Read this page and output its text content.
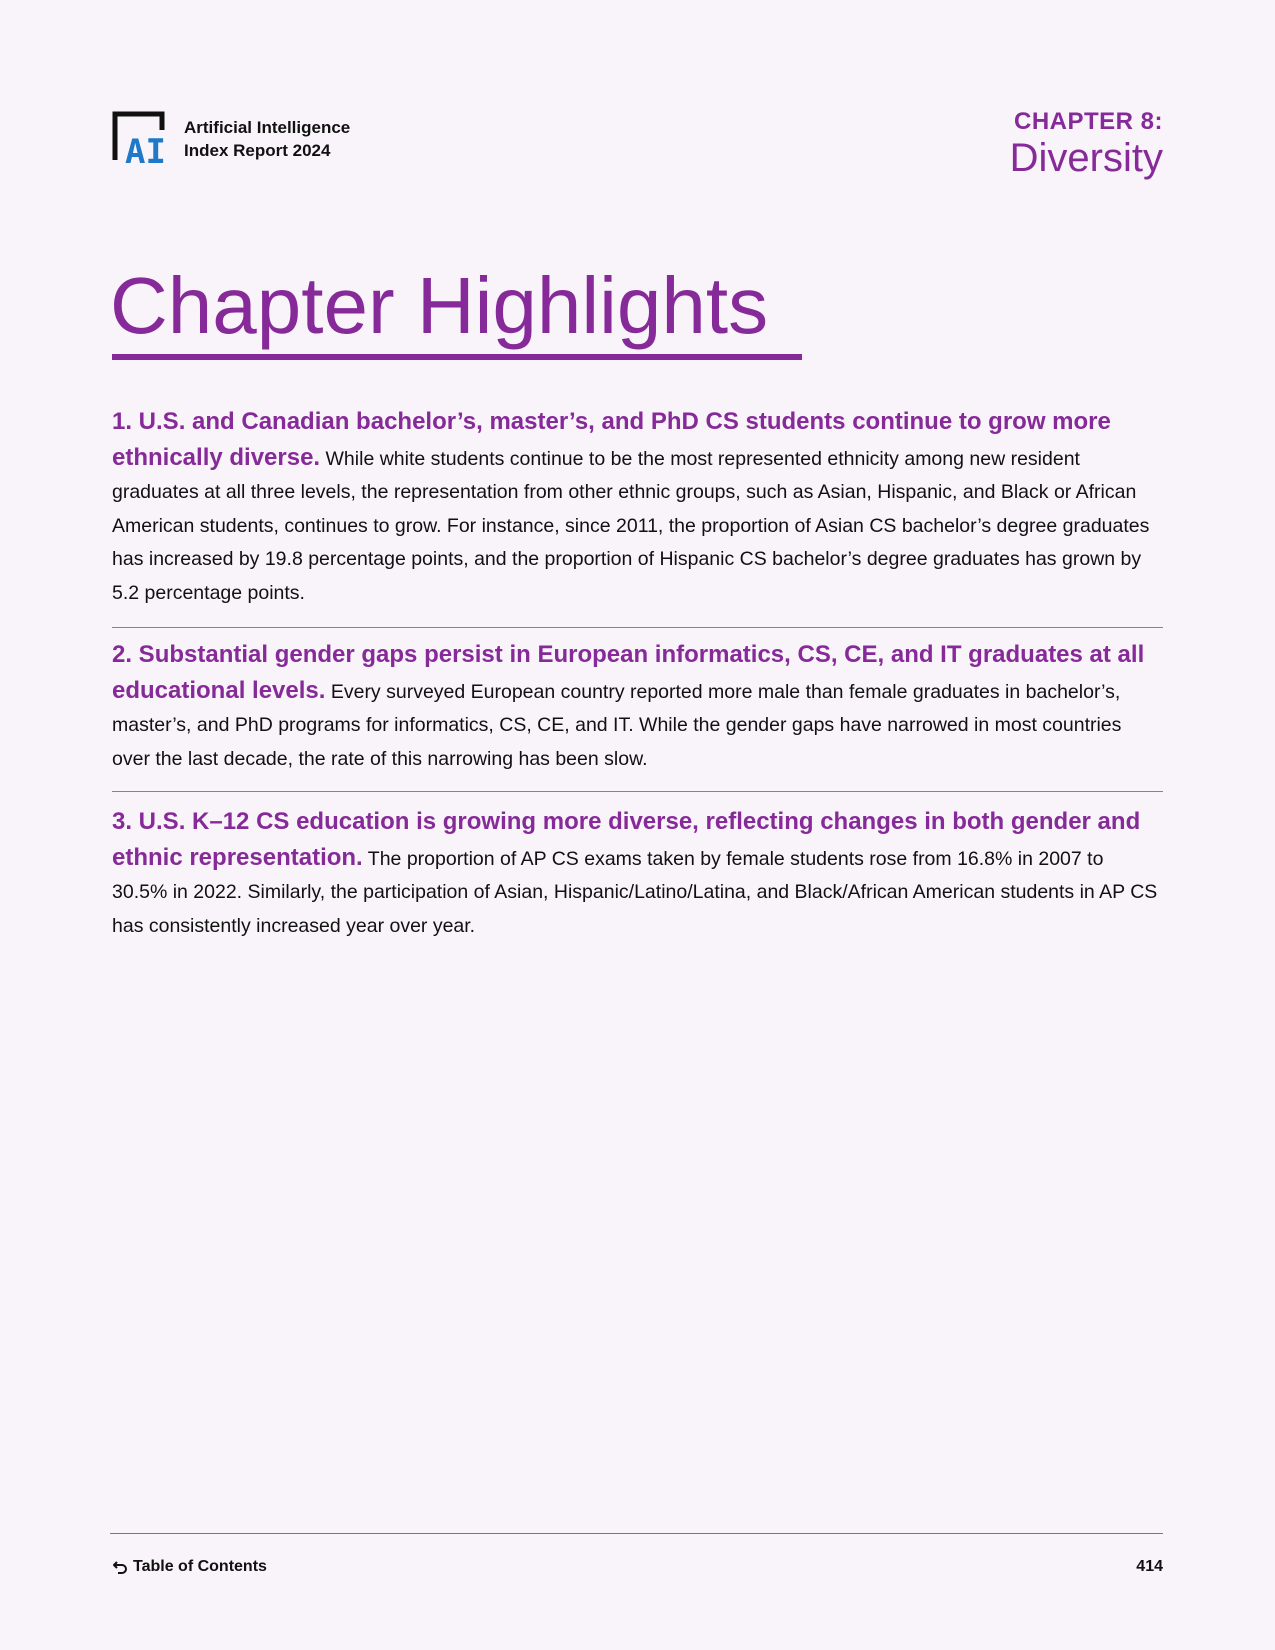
AI
Artificial Intelligence
Index Report 2024
CHAPTER 8:
Diversity
Chapter Highlights

1. U.S. and Canadian bachelor’s, master’s, and PhD CS students continue to grow more ethnically diverse. While white students continue to be the most represented ethnicity among new resident graduates at all three levels, the representation from other ethnic groups, such as Asian, Hispanic, and Black or African American students, continues to grow. For instance, since 2011, the proportion of Asian CS bachelor’s degree graduates has increased by 19.8 percentage points, and the proportion of Hispanic CS bachelor’s degree graduates has grown by 5.2 percentage points.

2. Substantial gender gaps persist in European informatics, CS, CE, and IT graduates at all educational levels. Every surveyed European country reported more male than female graduates in bachelor’s, master’s, and PhD programs for informatics, CS, CE, and IT. While the gender gaps have narrowed in most countries over the last decade, the rate of this narrowing has been slow.

3. U.S. K–12 CS education is growing more diverse, reflecting changes in both gender and ethnic representation. The proportion of AP CS exams taken by female students rose from 16.8% in 2007 to 30.5% in 2022. Similarly, the participation of Asian, Hispanic/Latino/Latina, and Black/African American students in AP CS has consistently increased year over year.

Table of Contents	414
